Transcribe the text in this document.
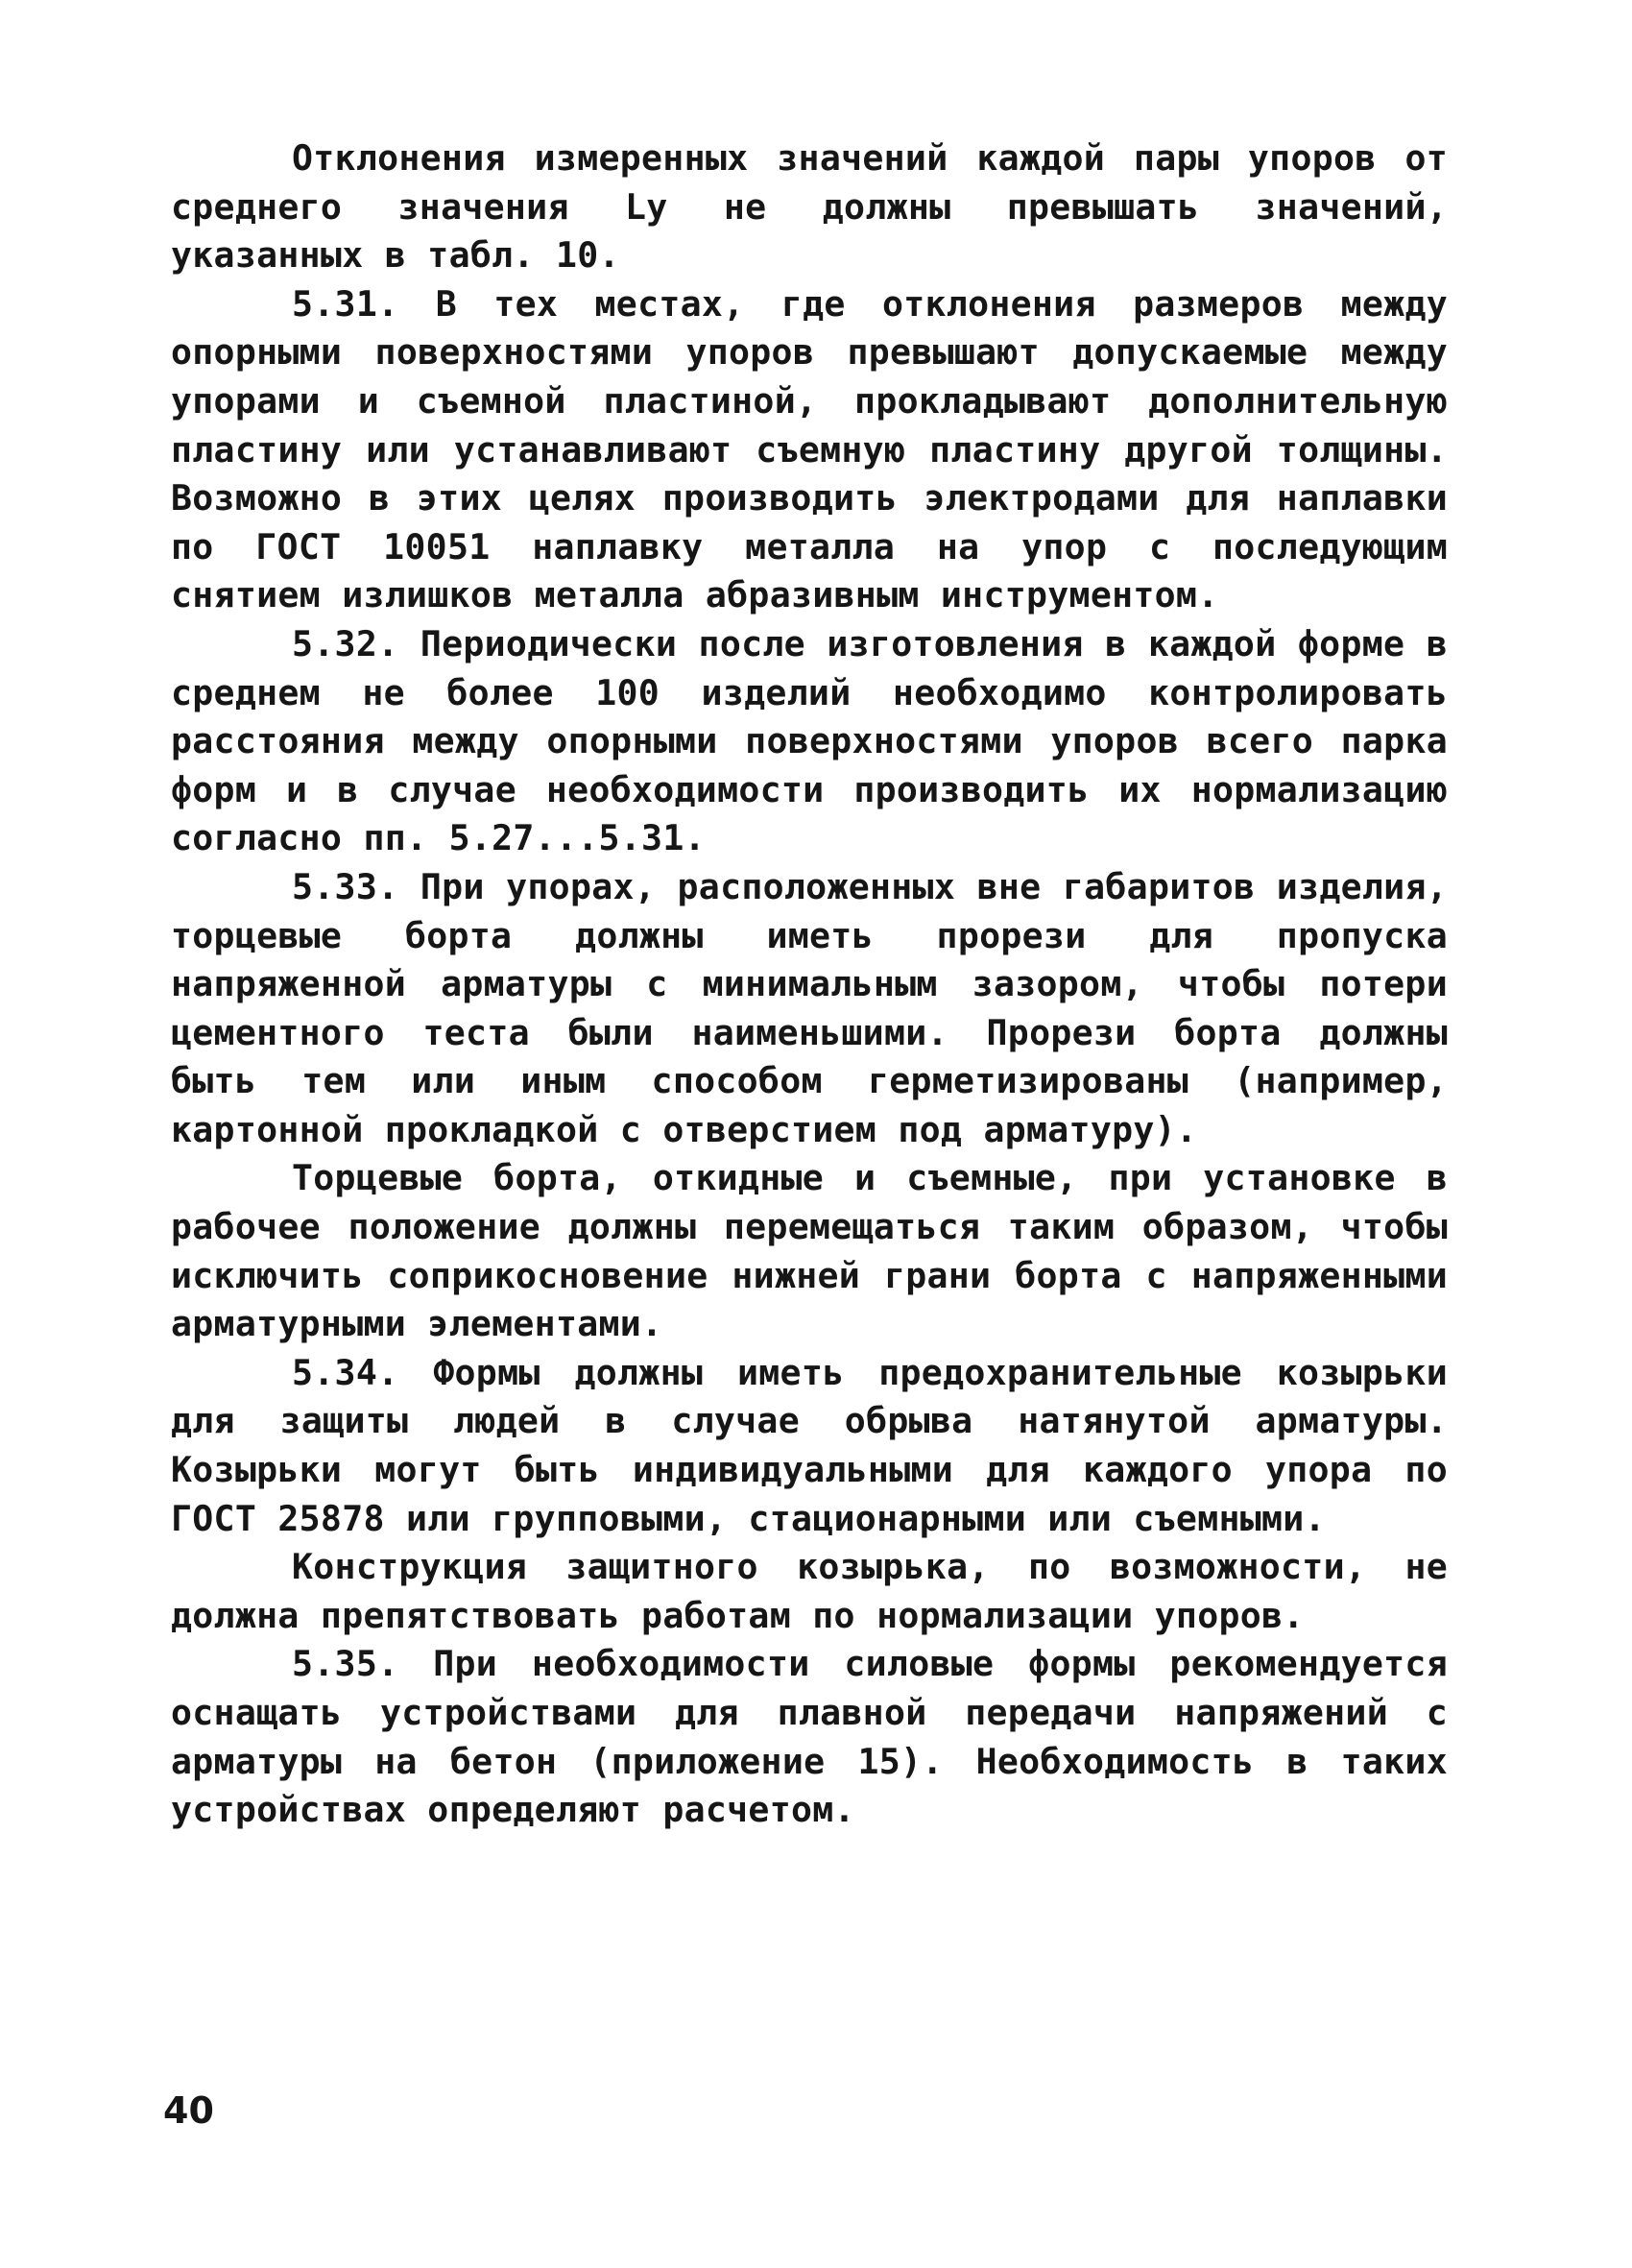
Отклонения измеренных значений каждой пары упоров от среднего значения Lу не должны превышать значений, указанных в табл. 10.

5.31. В тех местах, где отклонения размеров между опорными поверхностями упоров превышают допускаемые между упорами и съемной пластиной, прокладывают дополнительную пластину или устанавливают съемную пластину другой толщины. Возможно в этих целях производить электродами для наплавки по ГОСТ 10051 наплавку металла на упор с последующим снятием излишков металла абразивным инструментом.

5.32. Периодически после изготовления в каждой форме в среднем не более 100 изделий необходимо контролировать расстояния между опорными поверхностями упоров всего парка форм и в случае необходимости производить их нормализацию согласно пп. 5.27...5.31.

5.33. При упорах, расположенных вне габаритов изделия, торцевые борта должны иметь прорези для пропуска напряженной арматуры с минимальным зазором, чтобы потери цементного теста были наименьшими. Прорези борта должны быть тем или иным способом герметизированы (например, картонной прокладкой с отверстием под арматуру).

Торцевые борта, откидные и съемные, при установке в рабочее положение должны перемещаться таким образом, чтобы исключить соприкосновение нижней грани борта с напряженными арматурными элементами.

5.34. Формы должны иметь предохранительные козырьки для защиты людей в случае обрыва натянутой арматуры. Козырьки могут быть индивидуальными для каждого упора по ГОСТ 25878 или групповыми, стационарными или съемными.

Конструкция защитного козырька, по возможности, не должна препятствовать работам по нормализации упоров.

5.35. При необходимости силовые формы рекомендуется оснащать устройствами для плавной передачи напряжений с арматуры на бетон (приложение 15). Необходимость в таких устройствах определяют расчетом.

40
